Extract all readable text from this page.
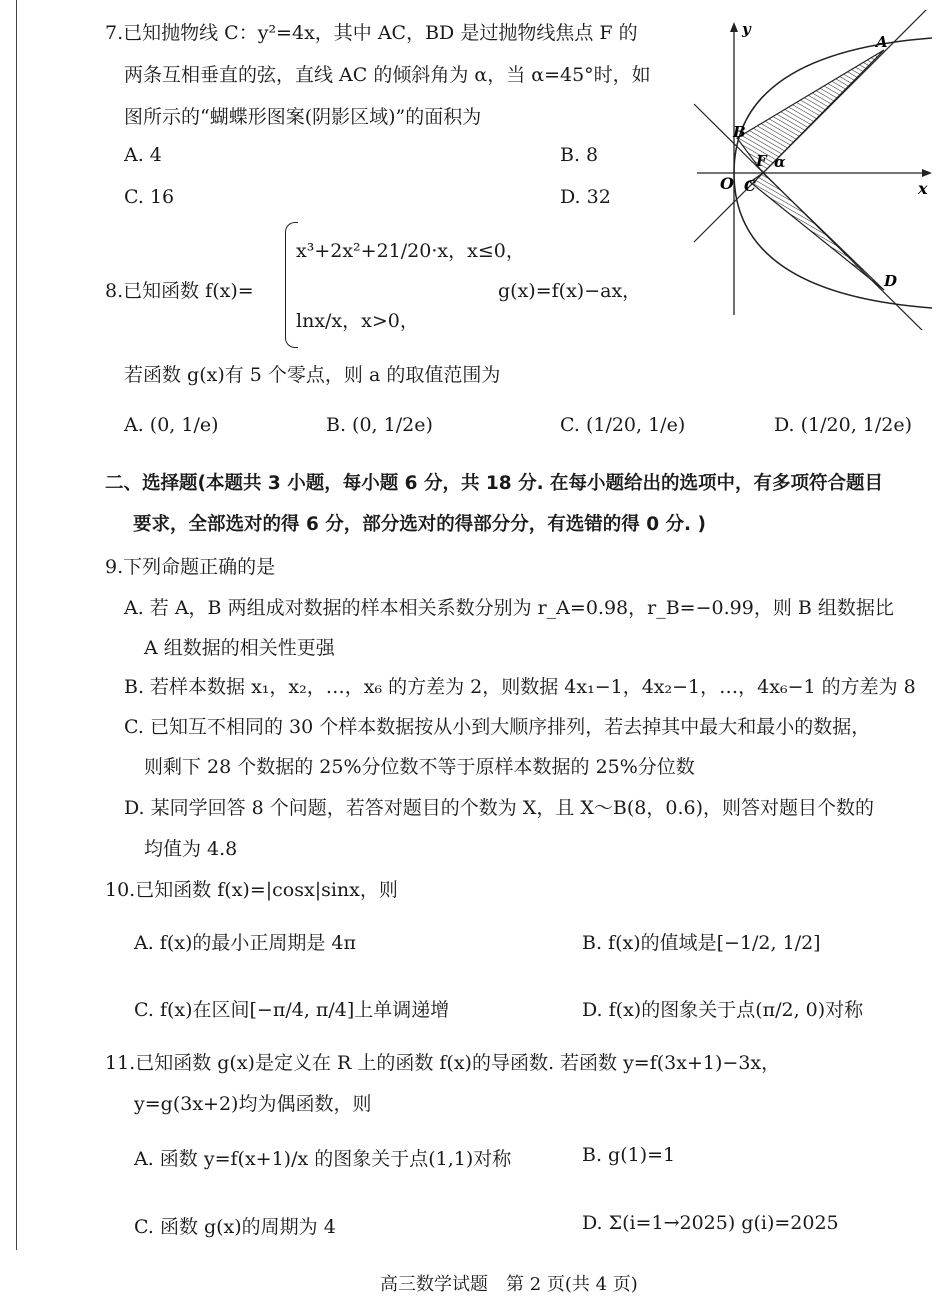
7.已知抛物线 C：y²=4x，其中 AC，BD 是过抛物线焦点 F 的
两条互相垂直的弦，直线 AC 的倾斜角为 α，当 α=45°时，如
图所示的“蝴蝶形图案(阴影区域)”的面积为
A. 4	B. 8
C. 16	D. 32
y
x
O
A
B
C
D
F α
8.已知函数 f(x)=
x³+2x²+21/20·x，x≤0，
lnx/x，x>0，
g(x)=f(x)−ax，
若函数 g(x)有 5 个零点，则 a 的取值范围为
A. (0, 1/e)	B. (0, 1/2e)	C. (1/20, 1/e)	D. (1/20, 1/2e)
二、选择题(本题共 3 小题，每小题 6 分，共 18 分. 在每小题给出的选项中，有多项符合题目
要求，全部选对的得 6 分，部分选对的得部分分，有选错的得 0 分. )
9.下列命题正确的是
A. 若 A，B 两组成对数据的样本相关系数分别为 r_A=0.98，r_B=−0.99，则 B 组数据比
A 组数据的相关性更强
B. 若样本数据 x₁，x₂，…，x₆ 的方差为 2，则数据 4x₁−1，4x₂−1，…，4x₆−1 的方差为 8
C. 已知互不相同的 30 个样本数据按从小到大顺序排列，若去掉其中最大和最小的数据，
则剩下 28 个数据的 25%分位数不等于原样本数据的 25%分位数
D. 某同学回答 8 个问题，若答对题目的个数为 X，且 X～B(8，0.6)，则答对题目个数的
均值为 4.8
10.已知函数 f(x)=|cosx|sinx，则
A. f(x)的最小正周期是 4π	B. f(x)的值域是[−1/2, 1/2]
C. f(x)在区间[−π/4, π/4]上单调递增	D. f(x)的图象关于点(π/2, 0)对称
11.已知函数 g(x)是定义在 R 上的函数 f(x)的导函数. 若函数 y=f(3x+1)−3x，
y=g(3x+2)均为偶函数，则
A. 函数 y=f(x+1)/x 的图象关于点(1,1)对称	B. g(1)=1
C. 函数 g(x)的周期为 4	D. Σ(i=1→2025) g(i)=2025
高三数学试题　第 2 页(共 4 页)
